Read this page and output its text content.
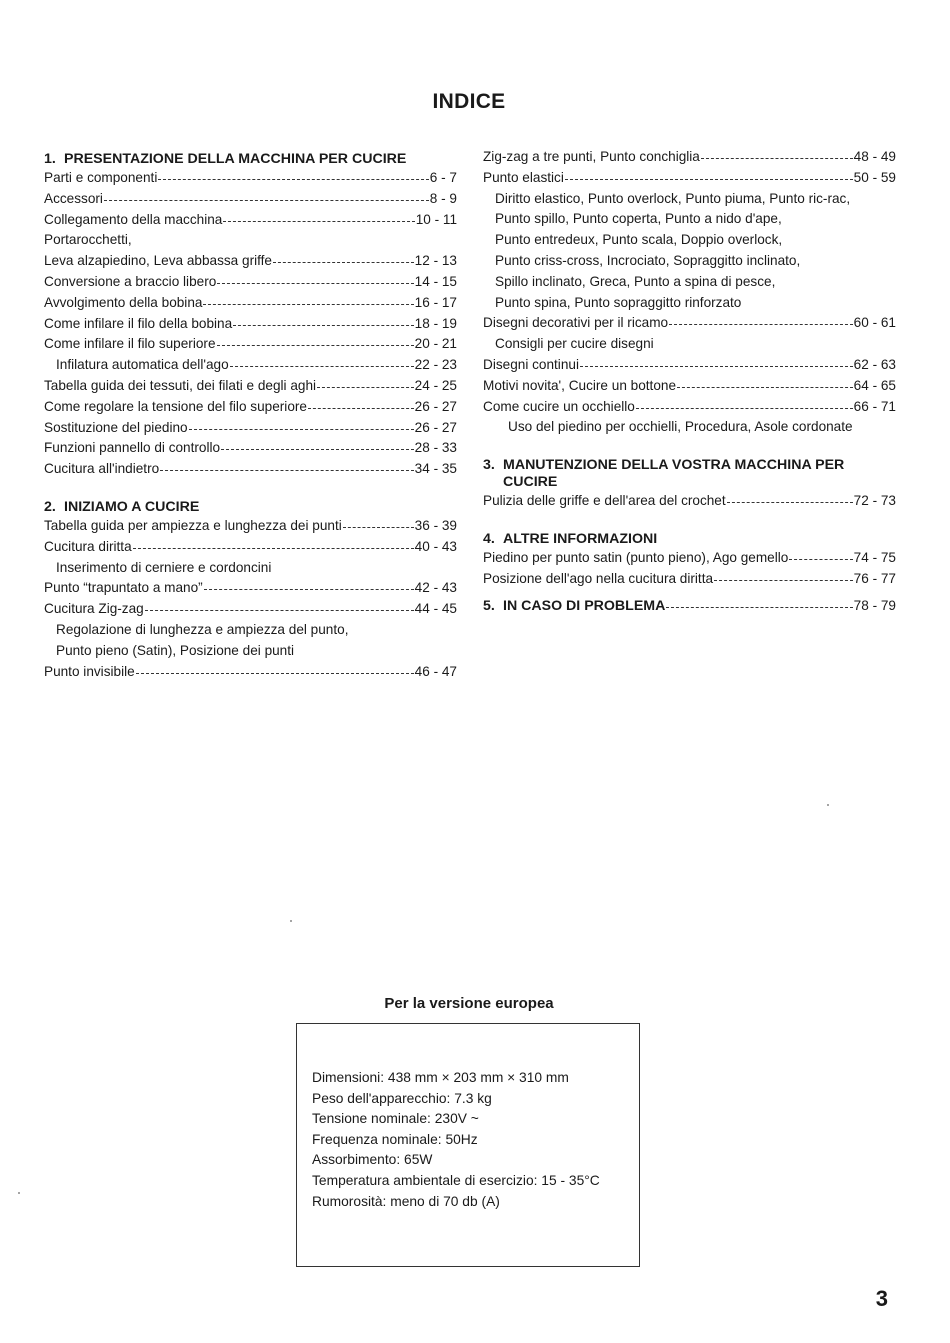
INDICE
1. PRESENTAZIONE DELLA MACCHINA PER CUCIRE
Parti e componenti	6 - 7
Accessori	8 - 9
Collegamento della macchina	10 - 11
Portarocchetti,
Leva alzapiedino, Leva abbassa griffe	12 - 13
Conversione a braccio libero	14 - 15
Avvolgimento della bobina	16 - 17
Come infilare il filo della bobina	18 - 19
Come infilare il filo superiore	20 - 21
Infilatura automatica dell'ago	22 - 23
Tabella guida dei tessuti, dei filati e degli aghi	24 - 25
Come regolare la tensione del filo superiore	26 - 27
Sostituzione del piedino	26 - 27
Funzioni pannello di controllo	28 - 33
Cucitura all'indietro	34 - 35
2. INIZIAMO A CUCIRE
Tabella guida per ampiezza e lunghezza dei punti	36 - 39
Cucitura diritta	40 - 43
Inserimento di cerniere e cordoncini
Punto “trapuntato a mano”	42 - 43
Cucitura Zig-zag	44 - 45
Regolazione di lunghezza e ampiezza del punto,
Punto pieno (Satin), Posizione dei punti
Punto invisibile	46 - 47
Zig-zag a tre punti, Punto conchiglia	48 - 49
Punto elastici	50 - 59
Diritto elastico, Punto overlock, Punto piuma, Punto ric-rac,
Punto spillo, Punto coperta, Punto a nido d'ape,
Punto entredeux, Punto scala, Doppio overlock,
Punto criss-cross, Incrociato, Sopraggitto inclinato,
Spillo inclinato, Greca, Punto a spina di pesce,
Punto spina, Punto sopraggitto rinforzato
Disegni decorativi per il ricamo	60 - 61
Consigli per cucire disegni
Disegni continui	62 - 63
Motivi novita', Cucire un bottone	64 - 65
Come cucire un occhiello	66 - 71
Uso del piedino per occhielli, Procedura, Asole cordonate
3. MANUTENZIONE DELLA VOSTRA MACCHINA PER CUCIRE
Pulizia delle griffe e dell'area del crochet	72 - 73
4. ALTRE INFORMAZIONI
Piedino per punto satin (punto pieno), Ago gemello	74 - 75
Posizione dell'ago nella cucitura diritta	76 - 77
5. IN CASO DI PROBLEMA	78 - 79
Per la versione europea
Dimensioni: 438 mm × 203 mm × 310 mm
Peso dell'apparecchio: 7.3 kg
Tensione nominale: 230V ~
Frequenza nominale: 50Hz
Assorbimento: 65W
Temperatura ambientale di esercizio: 15 - 35°C
Rumorosità: meno di 70 db (A)
3
